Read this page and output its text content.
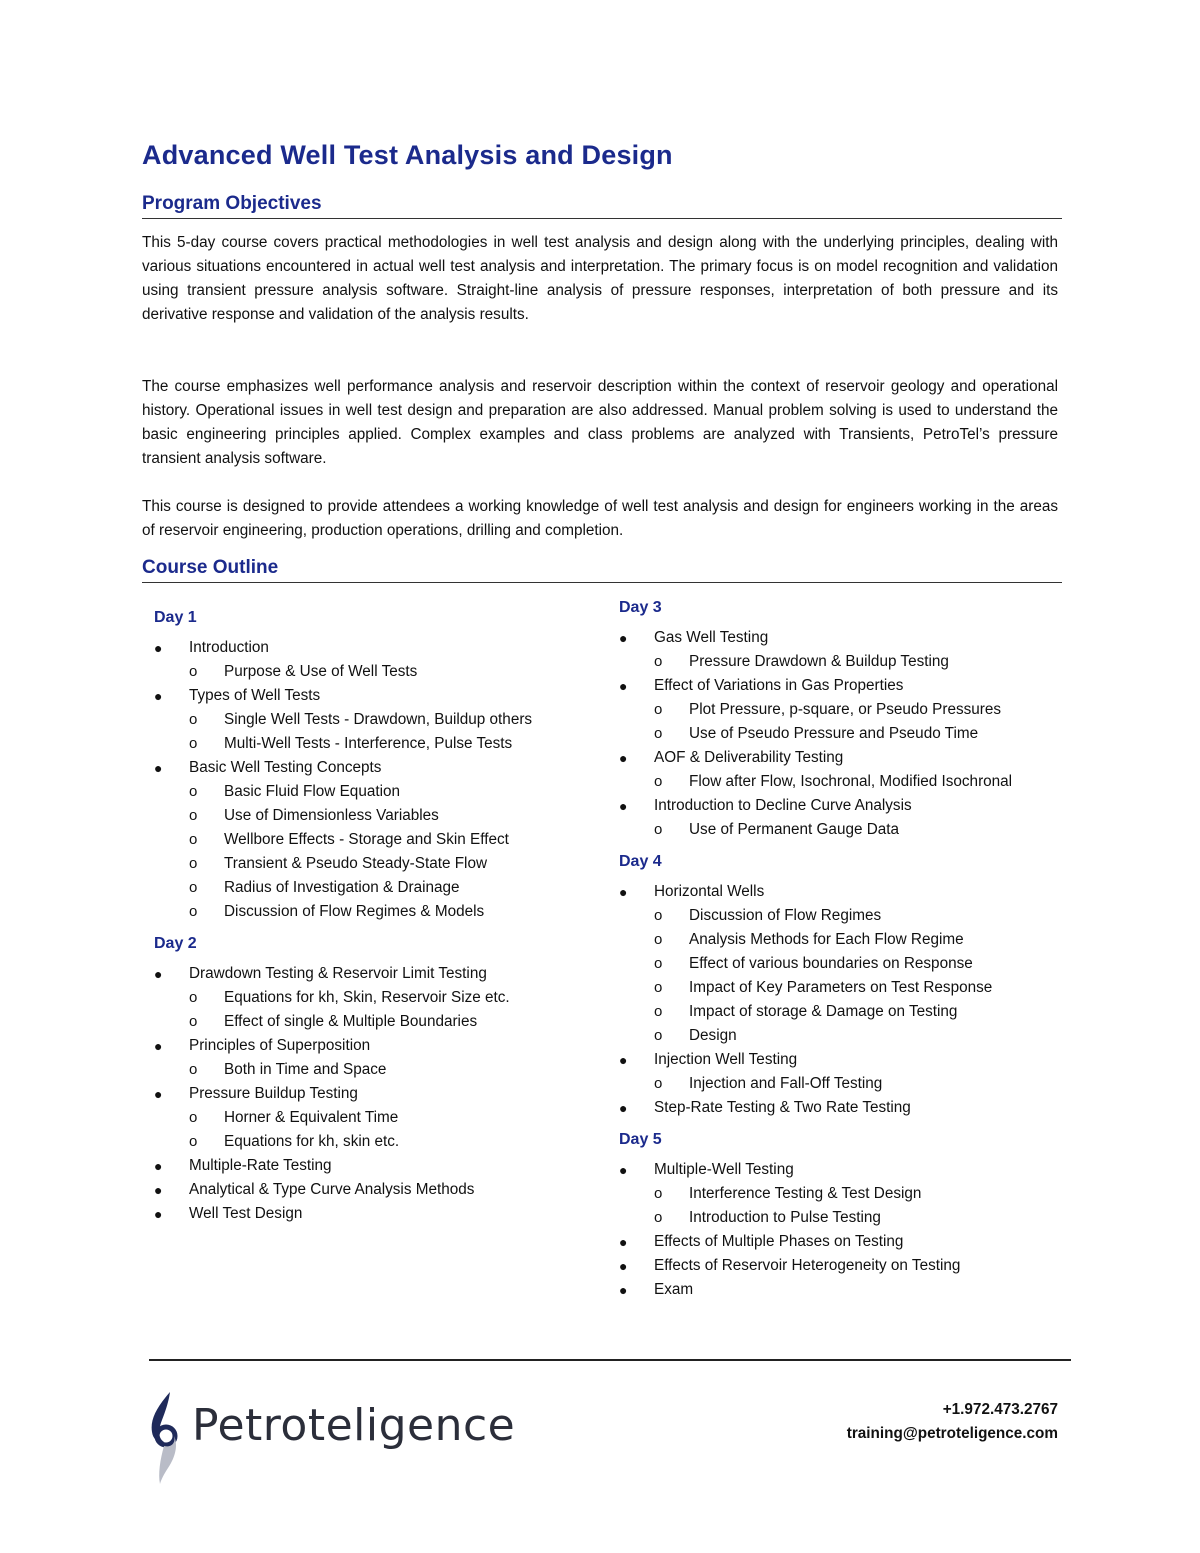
Advanced Well Test Analysis and Design
Program Objectives

This 5-day course covers practical methodologies in well test analysis and design along with the underlying principles, dealing with various situations encountered in actual well test analysis and interpretation. The primary focus is on model recognition and validation using transient pressure analysis software. Straight-line analysis of pressure responses, interpretation of both pressure and its derivative response and validation of the analysis results.

The course emphasizes well performance analysis and reservoir description within the context of reservoir geology and operational history. Operational issues in well test design and preparation are also addressed. Manual problem solving is used to understand the basic engineering principles applied. Complex examples and class problems are analyzed with Transients, PetroTel’s pressure transient analysis software.

This course is designed to provide attendees a working knowledge of well test analysis and design for engineers working in the areas of reservoir engineering, production operations, drilling and completion.

Course Outline
Day 1
●	Introduction
o Purpose & Use of Well Tests
●	Types of Well Tests
o Single Well Tests - Drawdown, Buildup others
o Multi-Well Tests - Interference, Pulse Tests
●	Basic Well Testing Concepts
o Basic Fluid Flow Equation
o Use of Dimensionless Variables
o Wellbore Effects - Storage and Skin Effect
o Transient & Pseudo Steady-State Flow
o Radius of Investigation & Drainage
o Discussion of Flow Regimes & Models
Day 2
●	Drawdown Testing & Reservoir Limit Testing
o Equations for kh, Skin, Reservoir Size etc.
o Effect of single & Multiple Boundaries
●	Principles of Superposition
o Both in Time and Space
●	Pressure Buildup Testing
o Horner & Equivalent Time
o Equations for kh, skin etc.
●	Multiple-Rate Testing
●	Analytical & Type Curve Analysis Methods
●	Well Test Design
Day 3
●	Gas Well Testing
o Pressure Drawdown & Buildup Testing
●	Effect of Variations in Gas Properties
o Plot Pressure, p-square, or Pseudo Pressures
o Use of Pseudo Pressure and Pseudo Time
●	AOF & Deliverability Testing
o Flow after Flow, Isochronal, Modified Isochronal
●	Introduction to Decline Curve Analysis
o Use of Permanent Gauge Data
Day 4
●	Horizontal Wells
o Discussion of Flow Regimes
o Analysis Methods for Each Flow Regime
o Effect of various boundaries on Response
o Impact of Key Parameters on Test Response
o Impact of storage & Damage on Testing
o Design
●	Injection Well Testing
o Injection and Fall-Off Testing
●	Step-Rate Testing & Two Rate Testing
Day 5
●	Multiple-Well Testing
o Interference Testing & Test Design
o Introduction to Pulse Testing
●	Effects of Multiple Phases on Testing
●	Effects of Reservoir Heterogeneity on Testing
●	Exam
Petroteligence	+1.972.473.2767
training@petroteligence.com
